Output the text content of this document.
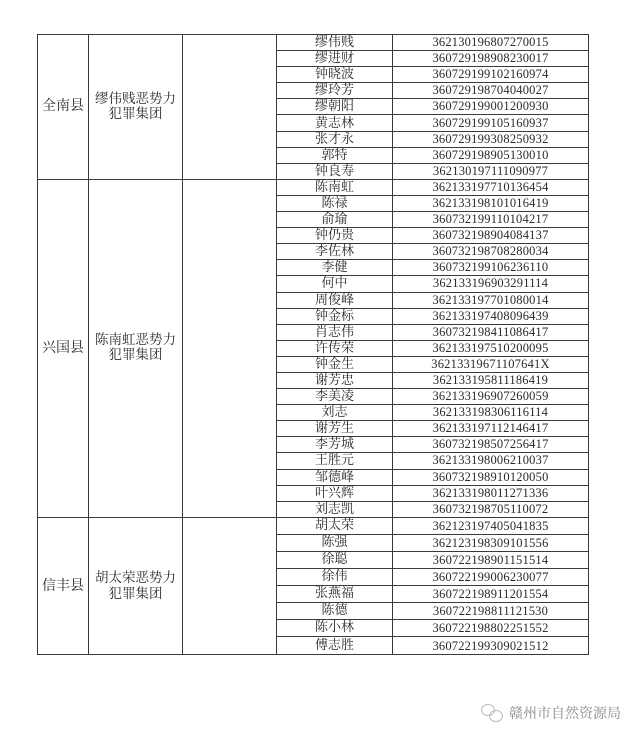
全南县	缪伟贱恶势力犯罪集团		缪伟贱	362130196807270015
			缪进财	360729198908230017
			钟晓波	360729199102160974
			缪玲芳	360729198704040027
			缪朝阳	360729199001200930
			黄志林	360729199105160937
			张才永	360729199308250932
			郭特	360729198905130010
			钟良寿	362130197111090977
兴国县	陈南虹恶势力犯罪集团		陈南虹	362133197710136454
			陈禄	362133198101016419
			俞瑜	360732199110104217
			钟仍贵	360732198904084137
			李佐林	360732198708280034
			李健	360732199106236110
			何中	362133196903291114
			周俊峰	362133197701080014
			钟金标	362133197408096439
			肖志伟	360732198411086417
			许传荣	362133197510200095
			钟金生	36213319671107641X
			谢芳忠	362133195811186419
			李美凌	362133196907260059
			刘志	362133198306116114
			谢芳生	362133197112146417
			李芳城	360732198507256417
			王胜元	362133198006210037
			邹德峰	360732198910120050
			叶兴辉	362133198011271336
			刘志凯	360732198705110072
信丰县	胡太荣恶势力犯罪集团		胡太荣	362123197405041835
			陈强	362123198309101556
			徐聪	360722198901151514
			徐伟	360722199006230077
			张燕福	360722198911201554
			陈德	360722198811121530
			陈小林	360722198802251552
			傅志胜	360722199309021512
赣州市自然资源局
